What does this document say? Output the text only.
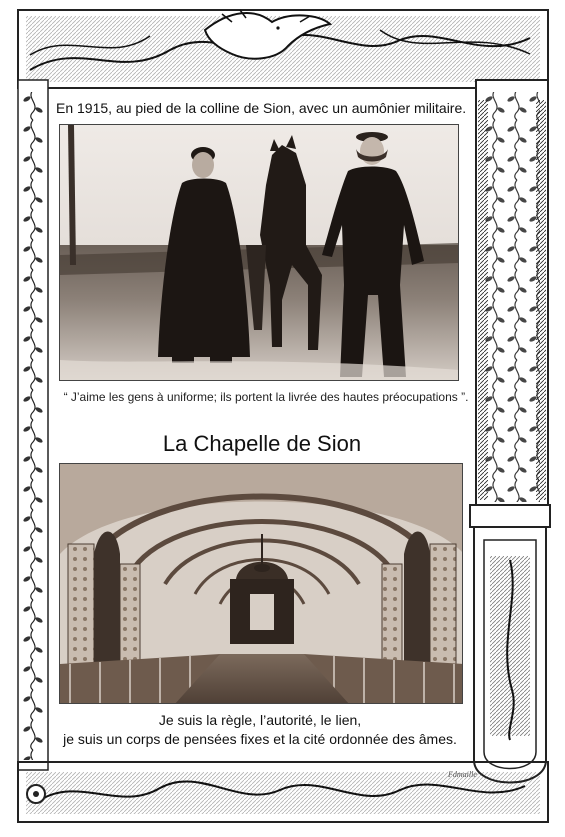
En 1915, au pied de la colline de Sion, avec un aumônier militaire.

“ J’aime les gens à uniforme; ils portent la livrée des hautes préocupations ”.

La Chapelle de Sion
Je suis la règle, l’autorité, le lien,
je suis un corps de pensées fixes et la cité ordonnée des âmes.
Fdmaille
